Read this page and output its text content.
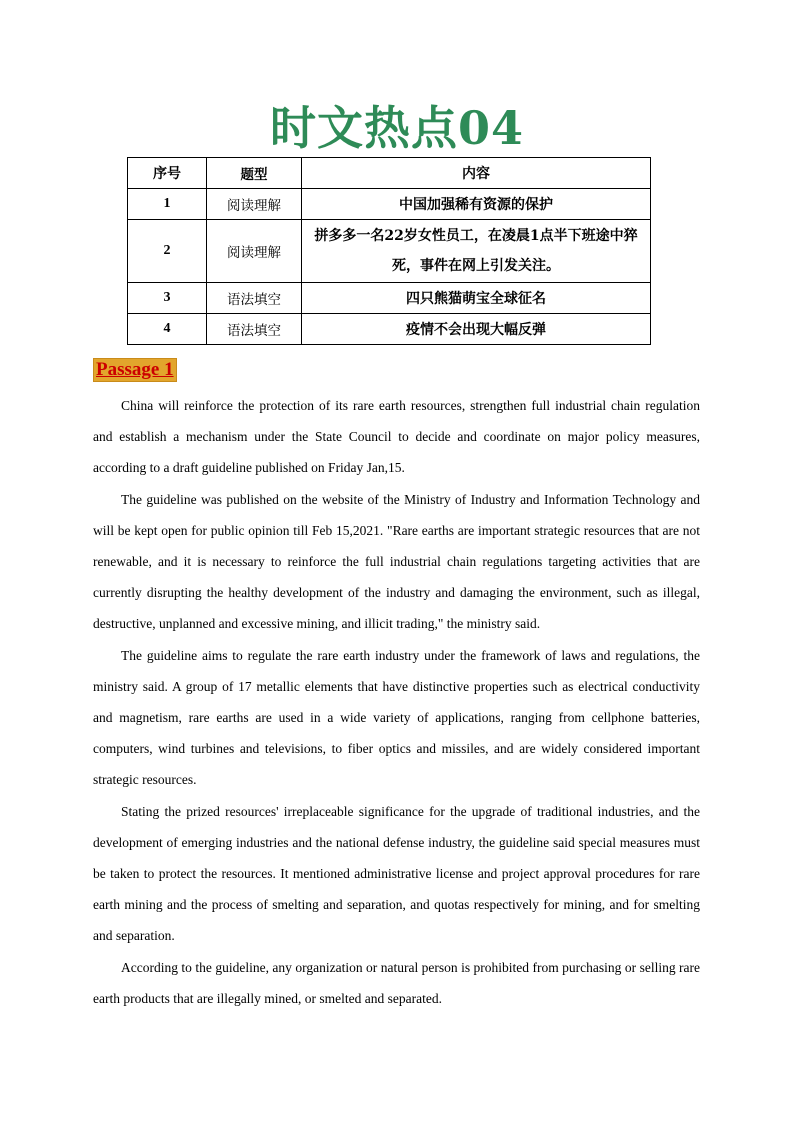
时文热点04
序号	题型	内容
1	阅读理解	中国加强稀有资源的保护
2	阅读理解	拼多多一名22岁女性员工，在凌晨1点半下班途中猝死，事件在网上引发关注。
3	语法填空	四只熊猫萌宝全球征名
4	语法填空	疫情不会出现大幅反弹
Passage 1

China will reinforce the protection of its rare earth resources, strengthen full industrial chain regulation and establish a mechanism under the State Council to decide and coordinate on major policy measures, according to a draft guideline published on Friday Jan,15.

The guideline was published on the website of the Ministry of Industry and Information Technology and will be kept open for public opinion till Feb 15,2021. "Rare earths are important strategic resources that are not renewable, and it is necessary to reinforce the full industrial chain regulations targeting activities that are currently disrupting the healthy development of the industry and damaging the environment, such as illegal, destructive, unplanned and excessive mining, and illicit trading," the ministry said.

The guideline aims to regulate the rare earth industry under the framework of laws and regulations, the ministry said. A group of 17 metallic elements that have distinctive properties such as electrical conductivity and magnetism, rare earths are used in a wide variety of applications, ranging from cellphone batteries, computers, wind turbines and televisions, to fiber optics and missiles, and are widely considered important strategic resources.

Stating the prized resources' irreplaceable significance for the upgrade of traditional industries, and the development of emerging industries and the national defense industry, the guideline said special measures must be taken to protect the resources. It mentioned administrative license and project approval procedures for rare earth mining and the process of smelting and separation, and quotas respectively for mining, and for smelting and separation.

According to the guideline, any organization or natural person is prohibited from purchasing or selling rare earth products that are illegally mined, or smelted and separated.
